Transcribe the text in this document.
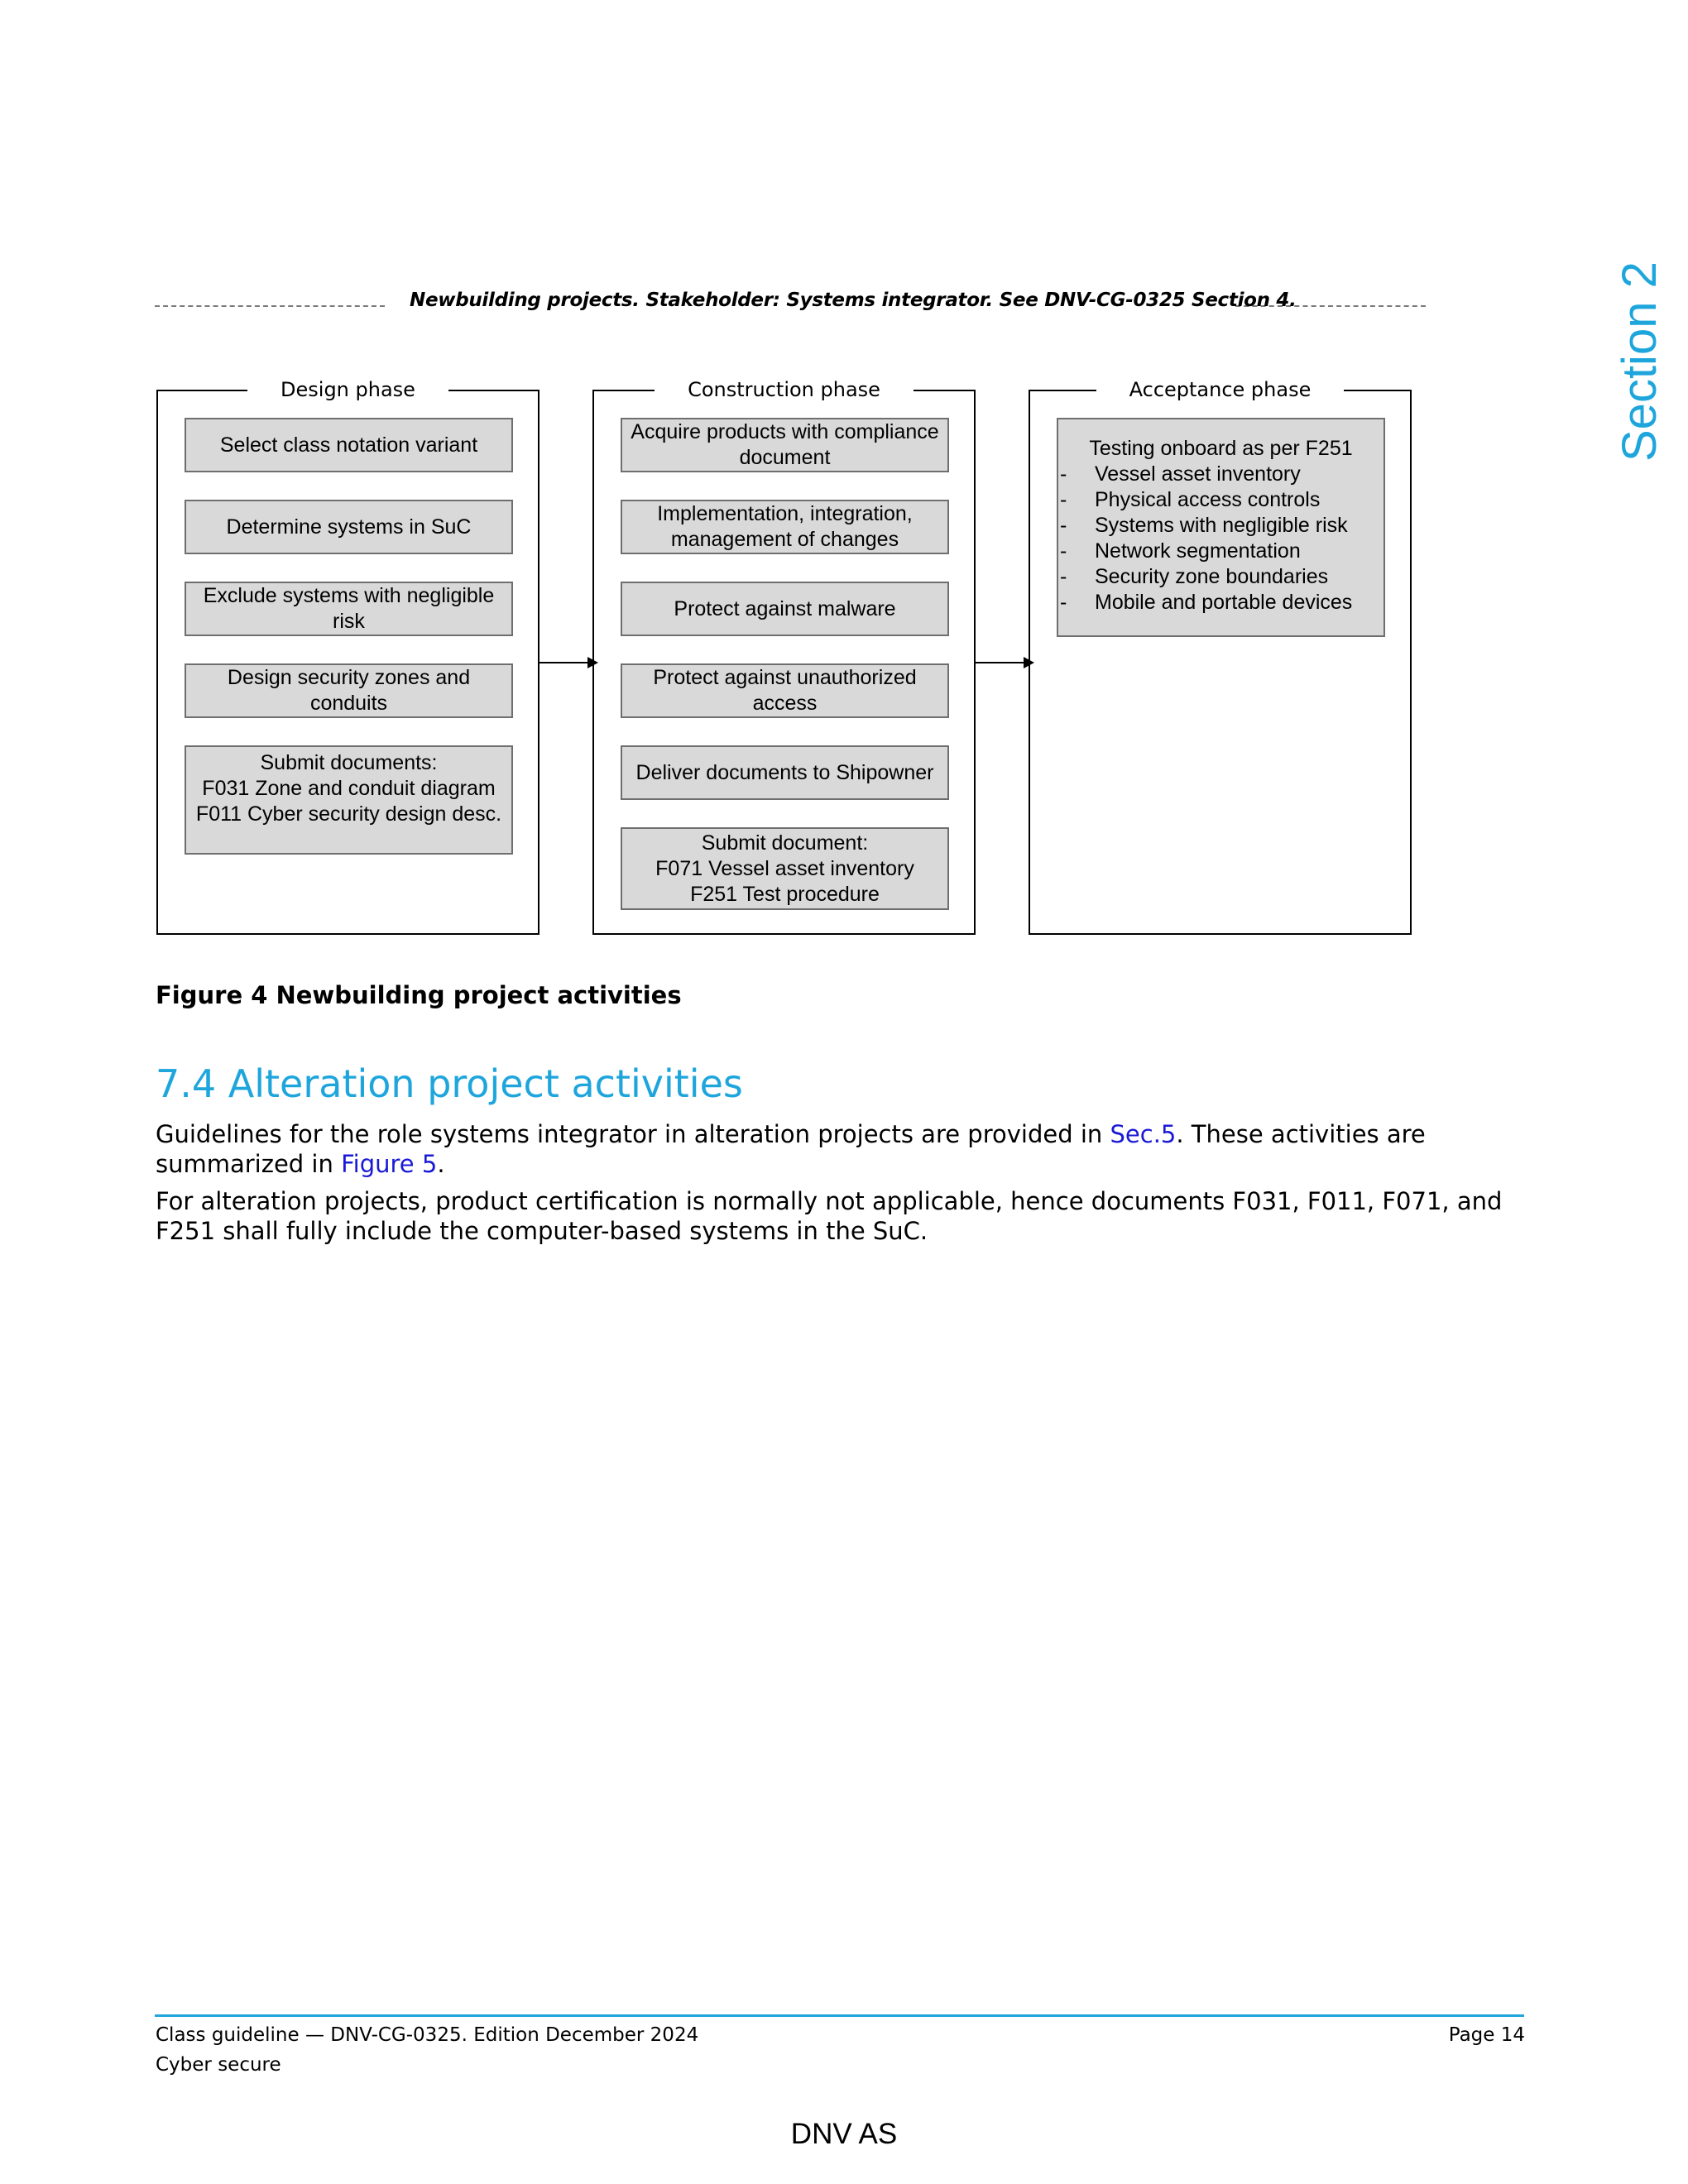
Section 2
Newbuilding projects. Stakeholder: Systems integrator. See DNV-CG-0325 Section 4.
Design phase
Select class notation variant
Determine systems in SuC
Exclude systems with negligible
risk
Design security zones and
conduits
Submit documents:
F031 Zone and conduit diagram
F011 Cyber security design desc.
Construction phase
Acquire products with compliance
document
Implementation, integration,
management of changes
Protect against malware
Protect against unauthorized
access
Deliver documents to Shipowner
Submit document:
F071 Vessel asset inventory
F251 Test procedure
Acceptance phase
Testing onboard as per F251
- Vessel asset inventory
- Physical access controls
- Systems with negligible risk
- Network segmentation
- Security zone boundaries
- Mobile and portable devices
Figure 4 Newbuilding project activities
7.4 Alteration project activities
Guidelines for the role systems integrator in alteration projects are provided in Sec.5. These activities are summarized in Figure 5.
For alteration projects, product certification is normally not applicable, hence documents F031, F011, F071, and F251 shall fully include the computer-based systems in the SuC.
Class guideline — DNV-CG-0325. Edition December 2024
Cyber secure
Page 14
DNV AS
